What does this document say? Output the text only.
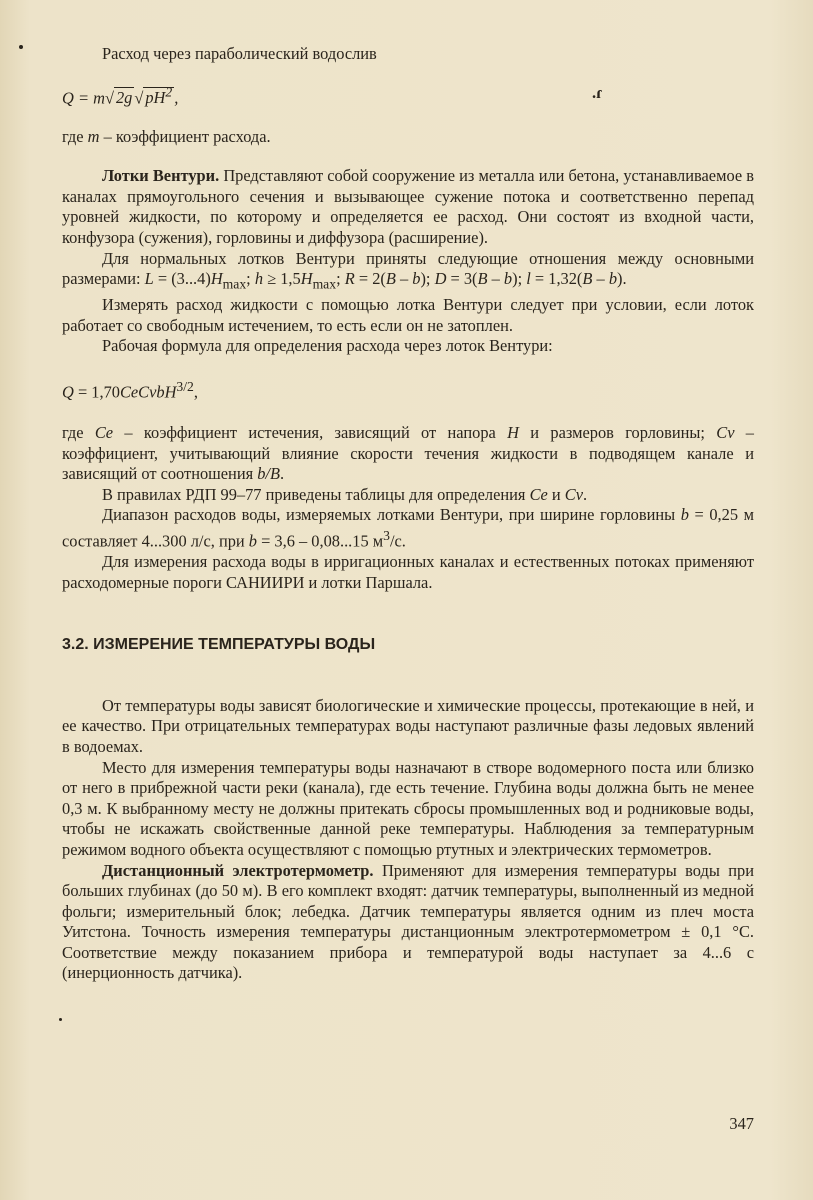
Расход через параболический водослив

Q = m√ 2g √ $pH^2$ ,	.ɾ

где m – коэффициент расхода.

Лотки Вентури. Представляют собой сооружение из металла или бетона, устанавливаемое в каналах прямоугольного сечения и вызывающее сужение потока и соответственно перепад уровней жидкости, по которому и определяется ее расход. Они состоят из входной части, конфузора (сужения), горловины и диффузора (расширение).

Для нормальных лотков Вентури приняты следующие отношения между основными размерами: $L = (3...4)H_{max}$; $h \ge 1,5H_{max}$; R = 2(B – b); D = 3(B – b); l = 1,32(B – b).

Измерять расход жидкости с помощью лотка Вентури следует при условии, если лоток работает со свободным истечением, то есть если он не затоплен.

Рабочая формула для определения расхода через лоток Вентури:

Q = 1,70CeCvbH$^{3/2}$,

где Ce – коэффициент истечения, зависящий от напора H и размеров горловины; Cv – коэффициент, учитывающий влияние скорости течения жидкости в подводящем канале и зависящий от соотношения b/B.

В правилах РДП 99–77 приведены таблицы для определения Ce и Cv.

Диапазон расходов воды, измеряемых лотками Вентури, при ширине горловины b = 0,25 м составляет 4...300 л/с, при b = 3,6 – 0,08...15 $м^3/с$.

Для измерения расхода воды в ирригационных каналах и естественных потоках применяют расходомерные пороги САНИИРИ и лотки Паршала.

3.2. ИЗМЕРЕНИЕ ТЕМПЕРАТУРЫ ВОДЫ

От температуры воды зависят биологические и химические процессы, протекающие в ней, и ее качество. При отрицательных температурах воды наступают различные фазы ледовых явлений в водоемах.

Место для измерения температуры воды назначают в створе водомерного поста или близко от него в прибрежной части реки (канала), где есть течение. Глубина воды должна быть не менее 0,3 м. К выбранному месту не должны притекать сбросы промышленных вод и родниковые воды, чтобы не искажать свойственные данной реке температуры. Наблюдения за температурным режимом водного объекта осуществляют с помощью ртутных и электрических термометров.

Дистанционный электротермометр. Применяют для измерения температуры воды при больших глубинах (до 50 м). В его комплект входят: датчик температуры, выполненный из медной фольги; измерительный блок; лебедка. Датчик температуры является одним из плеч моста Уитстона. Точность измерения температуры дистанционным электротермометром ± 0,1 °С. Соответствие между показанием прибора и температурой воды наступает за 4...6 с (инерционность датчика).

347
